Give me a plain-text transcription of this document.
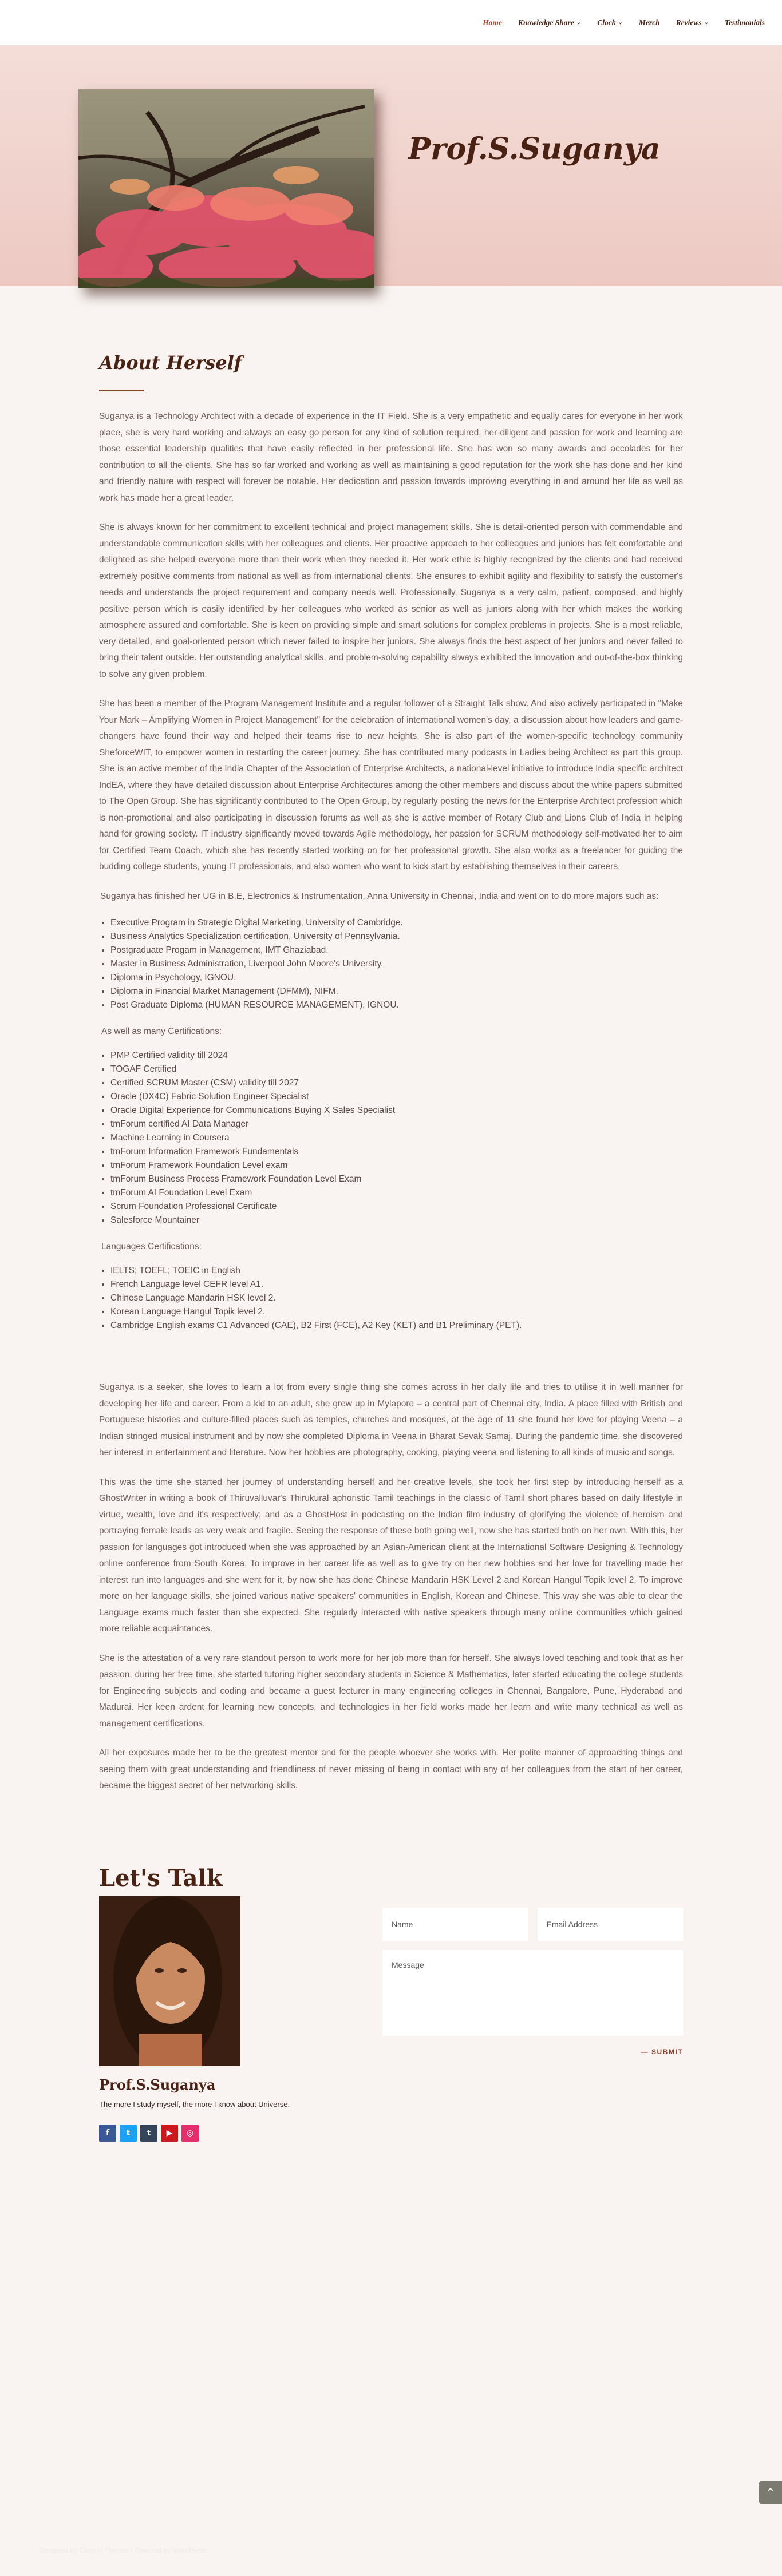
Home Knowledge Share ⌄ Clock ⌄ Merch Reviews ⌄ Testimonials
Prof.S.Suganya
About Herself

Suganya is a Technology Architect with a decade of experience in the IT Field. She is a very empathetic and equally cares for everyone in her work place, she is very hard working and always an easy go person for any kind of solution required, her diligent and passion for work and learning are those essential leadership qualities that have easily reflected in her professional life. She has won so many awards and accolades for her contribution to all the clients. She has so far worked and working as well as maintaining a good reputation for the work she has done and her kind and friendly nature with respect will forever be notable. Her dedication and passion towards improving everything in and around her life as well as work has made her a great leader.

She is always known for her commitment to excellent technical and project management skills. She is detail-oriented person with commendable and understandable communication skills with her colleagues and clients. Her proactive approach to her colleagues and juniors has felt comfortable and delighted as she helped everyone more than their work when they needed it. Her work ethic is highly recognized by the clients and had received extremely positive comments from national as well as from international clients. She ensures to exhibit agility and flexibility to satisfy the customer's needs and understands the project requirement and company needs well. Professionally, Suganya is a very calm, patient, composed, and highly positive person which is easily identified by her colleagues who worked as senior as well as juniors along with her which makes the working atmosphere assured and comfortable. She is keen on providing simple and smart solutions for complex problems in projects. She is a most reliable, very detailed, and goal-oriented person which never failed to inspire her juniors. She always finds the best aspect of her juniors and never failed to bring their talent outside. Her outstanding analytical skills, and problem-solving capability always exhibited the innovation and out-of-the-box thinking to solve any given problem.

She has been a member of the Program Management Institute and a regular follower of a Straight Talk show. And also actively participated in "Make Your Mark – Amplifying Women in Project Management" for the celebration of international women's day, a discussion about how leaders and game-changers have found their way and helped their teams rise to new heights. She is also part of the women-specific technology community SheforceWIT, to empower women in restarting the career journey. She has contributed many podcasts in Ladies being Architect as part this group. She is an active member of the India Chapter of the Association of Enterprise Architects, a national-level initiative to introduce India specific architect IndEA, where they have detailed discussion about Enterprise Architectures among the other members and discuss about the white papers submitted to The Open Group. She has significantly contributed to The Open Group, by regularly posting the news for the Enterprise Architect profession which is non-promotional and also participating in discussion forums as well as she is active member of Rotary Club and Lions Club of India in helping hand for growing society. IT industry significantly moved towards Agile methodology, her passion for SCRUM methodology self-motivated her to aim for Certified Team Coach, which she has recently started working on for her professional growth. She also works as a freelancer for guiding the budding college students, young IT professionals, and also women who want to kick start by establishing themselves in their careers.

Suganya has finished her UG in B.E, Electronics & Instrumentation, Anna University in Chennai, India and went on to do more majors such as:

• Executive Program in Strategic Digital Marketing, University of Cambridge.
• Business Analytics Specialization certification, University of Pennsylvania.
• Postgraduate Progam in Management, IMT Ghaziabad.
• Master in Business Administration, Liverpool John Moore's University.
• Diploma in Psychology, IGNOU.
• Diploma in Financial Market Management (DFMM), NIFM.
• Post Graduate Diploma (HUMAN RESOURCE MANAGEMENT), IGNOU.

As well as many Certifications:

• PMP Certified validity till 2024
• TOGAF Certified
• Certified SCRUM Master (CSM) validity till 2027
• Oracle (DX4C) Fabric Solution Engineer Specialist
• Oracle Digital Experience for Communications Buying X Sales Specialist
• tmForum certified AI Data Manager
• Machine Learning in Coursera
• tmForum Information Framework Fundamentals
• tmForum Framework Foundation Level exam
• tmForum Business Process Framework Foundation Level Exam
• tmForum AI Foundation Level Exam
• Scrum Foundation Professional Certificate
• Salesforce Mountainer

Languages Certifications:

• IELTS; TOEFL; TOEIC in English
• French Language level CEFR level A1.
• Chinese Language Mandarin HSK level 2.
• Korean Language Hangul Topik level 2.
• Cambridge English exams C1 Advanced (CAE), B2 First (FCE), A2 Key (KET) and B1 Preliminary (PET).

Suganya is a seeker, she loves to learn a lot from every single thing she comes across in her daily life and tries to utilise it in well manner for developing her life and career. From a kid to an adult, she grew up in Mylapore – a central part of Chennai city, India. A place filled with British and Portuguese histories and culture-filled places such as temples, churches and mosques, at the age of 11 she found her love for playing Veena – a Indian stringed musical instrument and by now she completed Diploma in Veena in Bharat Sevak Samaj. During the pandemic time, she discovered her interest in entertainment and literature. Now her hobbies are photography, cooking, playing veena and listening to all kinds of music and songs.

This was the time she started her journey of understanding herself and her creative levels, she took her first step by introducing herself as a GhostWriter in writing a book of Thiruvalluvar's Thirukural aphoristic Tamil teachings in the classic of Tamil short phares based on daily lifestyle in virtue, wealth, love and it's respectively; and as a GhostHost in podcasting on the Indian film industry of glorifying the violence of heroism and portraying female leads as very weak and fragile. Seeing the response of these both going well, now she has started both on her own. With this, her passion for languages got introduced when she was approached by an Asian-American client at the International Software Designing & Technology online conference from South Korea. To improve in her career life as well as to give try on her new hobbies and her love for travelling made her interest run into languages and she went for it, by now she has done Chinese Mandarin HSK Level 2 and Korean Hangul Topik level 2. To improve more on her language skills, she joined various native speakers' communities in English, Korean and Chinese. This way she was able to clear the Language exams much faster than she expected. She regularly interacted with native speakers through many online communities which gained more reliable acquaintances.

She is the attestation of a very rare standout person to work more for her job more than for herself. She always loved teaching and took that as her passion, during her free time, she started tutoring higher secondary students in Science & Mathematics, later started educating the college students for Engineering subjects and coding and became a guest lecturer in many engineering colleges in Chennai, Bangalore, Pune, Hyderabad and Madurai. Her keen ardent for learning new concepts, and technologies in her field works made her learn and write many technical as well as management certifications.

All her exposures made her to be the greatest mentor and for the people whoever she works with. Her polite manner of approaching things and seeing them with great understanding and friendliness of never missing of being in contact with any of her colleagues from the start of her career, became the biggest secret of her networking skills.

Let's Talk
Prof.S.Suganya
The more I study myself, the more I know about Universe.
f t t ▶ ◎
Name
Email Address
Message
— SUBMIT
⌃
Designed by Elegant Themes | Powered by WordPress
